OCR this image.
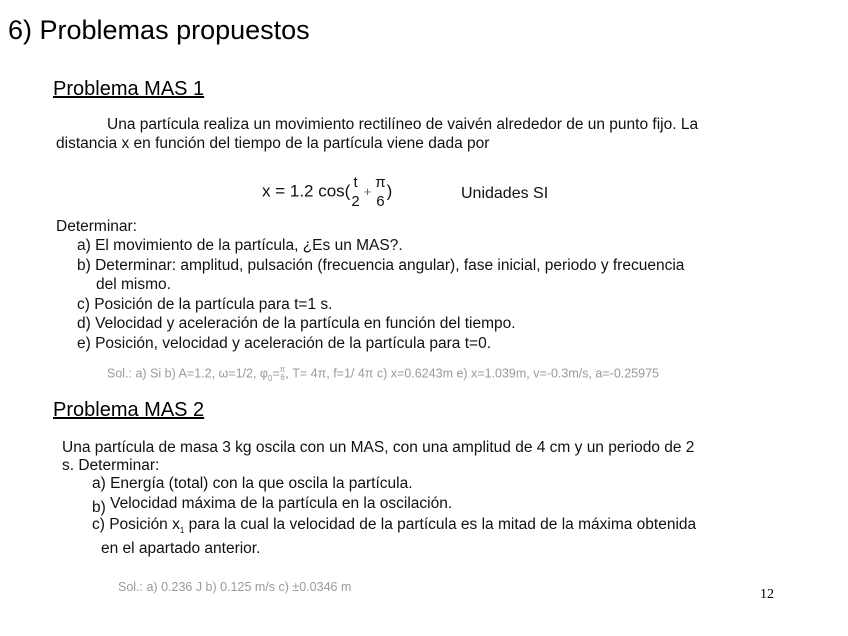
6) Problemas propuestos
Problema MAS 1
Una partícula realiza un movimiento rectilíneo de vaivén alrededor de un punto fijo. La
distancia x en función del tiempo de la partícula viene dada por
x = 1.2 cos( t
2
+
π
6
)	Unidades SI
Determinar:
a) El movimiento de la partícula, ¿Es un MAS?.
b) Determinar: amplitud, pulsación (frecuencia angular), fase inicial, periodo y frecuencia
del mismo.
c) Posición de la partícula para t=1 s.
d) Velocidad y aceleración de la partícula en función del tiempo.
e) Posición, velocidad y aceleración de la partícula para t=0.
Sol.: a) Si b) A=1.2, ω=1/2, $\varphi_0= \pi$
6 , T= 4π, f=1/ 4π c) x=0.6243m e) x=1.039m, v=-0.3m/s, a=-0.25975
Problema MAS 2
Una partícula de masa 3 kg oscila con un MAS, con una amplitud de 4 cm y un periodo de 2
s. Determinar:
a) Energía (total) con la que oscila la partícula.
b) Velocidad máxima de la partícula en la oscilación.
c) Posición $x_1$ para la cual la velocidad de la partícula es la mitad de la máxima obtenida
en el apartado anterior.
Sol.: a) 0.236 J b) 0.125 m/s c) ±0.0346 m	12
